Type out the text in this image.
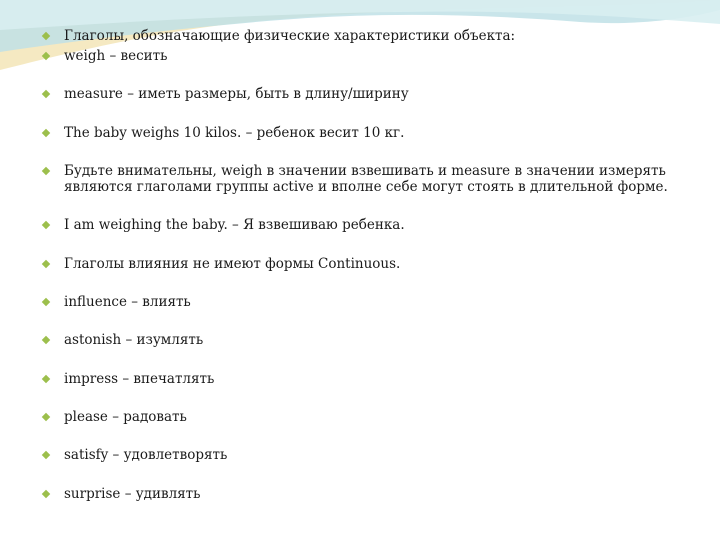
Глаголы, обозначающие физические характеристики объекта:
weigh – весить
measure – иметь размеры, быть в длину/ширину
The baby weighs 10 kilos. – ребенок весит 10 кг.
Будьте внимательны, weigh в значении взвешивать и measure в значении измерять
являются глаголами группы active и вполне себе могут стоять в длительной форме.
I am weighing the baby. – Я взвешиваю ребенка.
Глаголы влияния не имеют формы Continuous.
influence – влиять
astonish – изумлять
impress – впечатлять
please – радовать
satisfy – удовлетворять
surprise – удивлять
